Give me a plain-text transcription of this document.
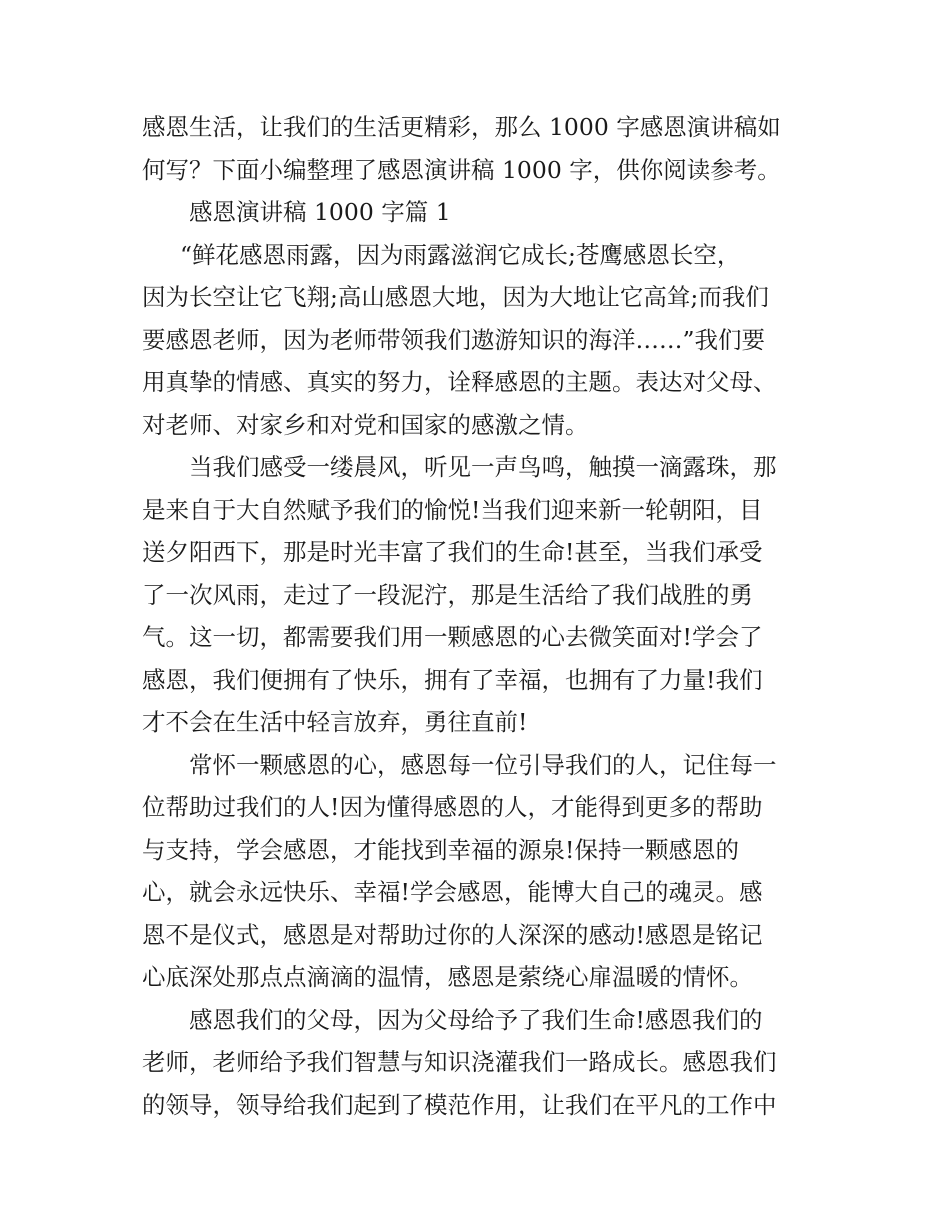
感恩生活，让我们的生活更精彩，那么 1000 字感恩演讲稿如
何写？下面小编整理了感恩演讲稿 1000 字，供你阅读参考。
感恩演讲稿 1000 字篇 1
“鲜花感恩雨露，因为雨露滋润它成长;苍鹰感恩长空，
因为长空让它飞翔;高山感恩大地，因为大地让它高耸;而我们
要感恩老师，因为老师带领我们遨游知识的海洋……”我们要
用真挚的情感、真实的努力，诠释感恩的主题。表达对父母、
对老师、对家乡和对党和国家的感激之情。
当我们感受一缕晨风，听见一声鸟鸣，触摸一滴露珠，那
是来自于大自然赋予我们的愉悦!当我们迎来新一轮朝阳，目
送夕阳西下，那是时光丰富了我们的生命!甚至，当我们承受
了一次风雨，走过了一段泥泞，那是生活给了我们战胜的勇
气。这一切，都需要我们用一颗感恩的心去微笑面对!学会了
感恩，我们便拥有了快乐，拥有了幸福，也拥有了力量!我们
才不会在生活中轻言放弃，勇往直前!
常怀一颗感恩的心，感恩每一位引导我们的人，记住每一
位帮助过我们的人!因为懂得感恩的人，才能得到更多的帮助
与支持，学会感恩，才能找到幸福的源泉!保持一颗感恩的
心，就会永远快乐、幸福!学会感恩，能博大自己的魂灵。感
恩不是仪式，感恩是对帮助过你的人深深的感动!感恩是铭记
心底深处那点点滴滴的温情，感恩是萦绕心扉温暖的情怀。
感恩我们的父母，因为父母给予了我们生命!感恩我们的
老师，老师给予我们智慧与知识浇灌我们一路成长。感恩我们
的领导，领导给我们起到了模范作用，让我们在平凡的工作中
